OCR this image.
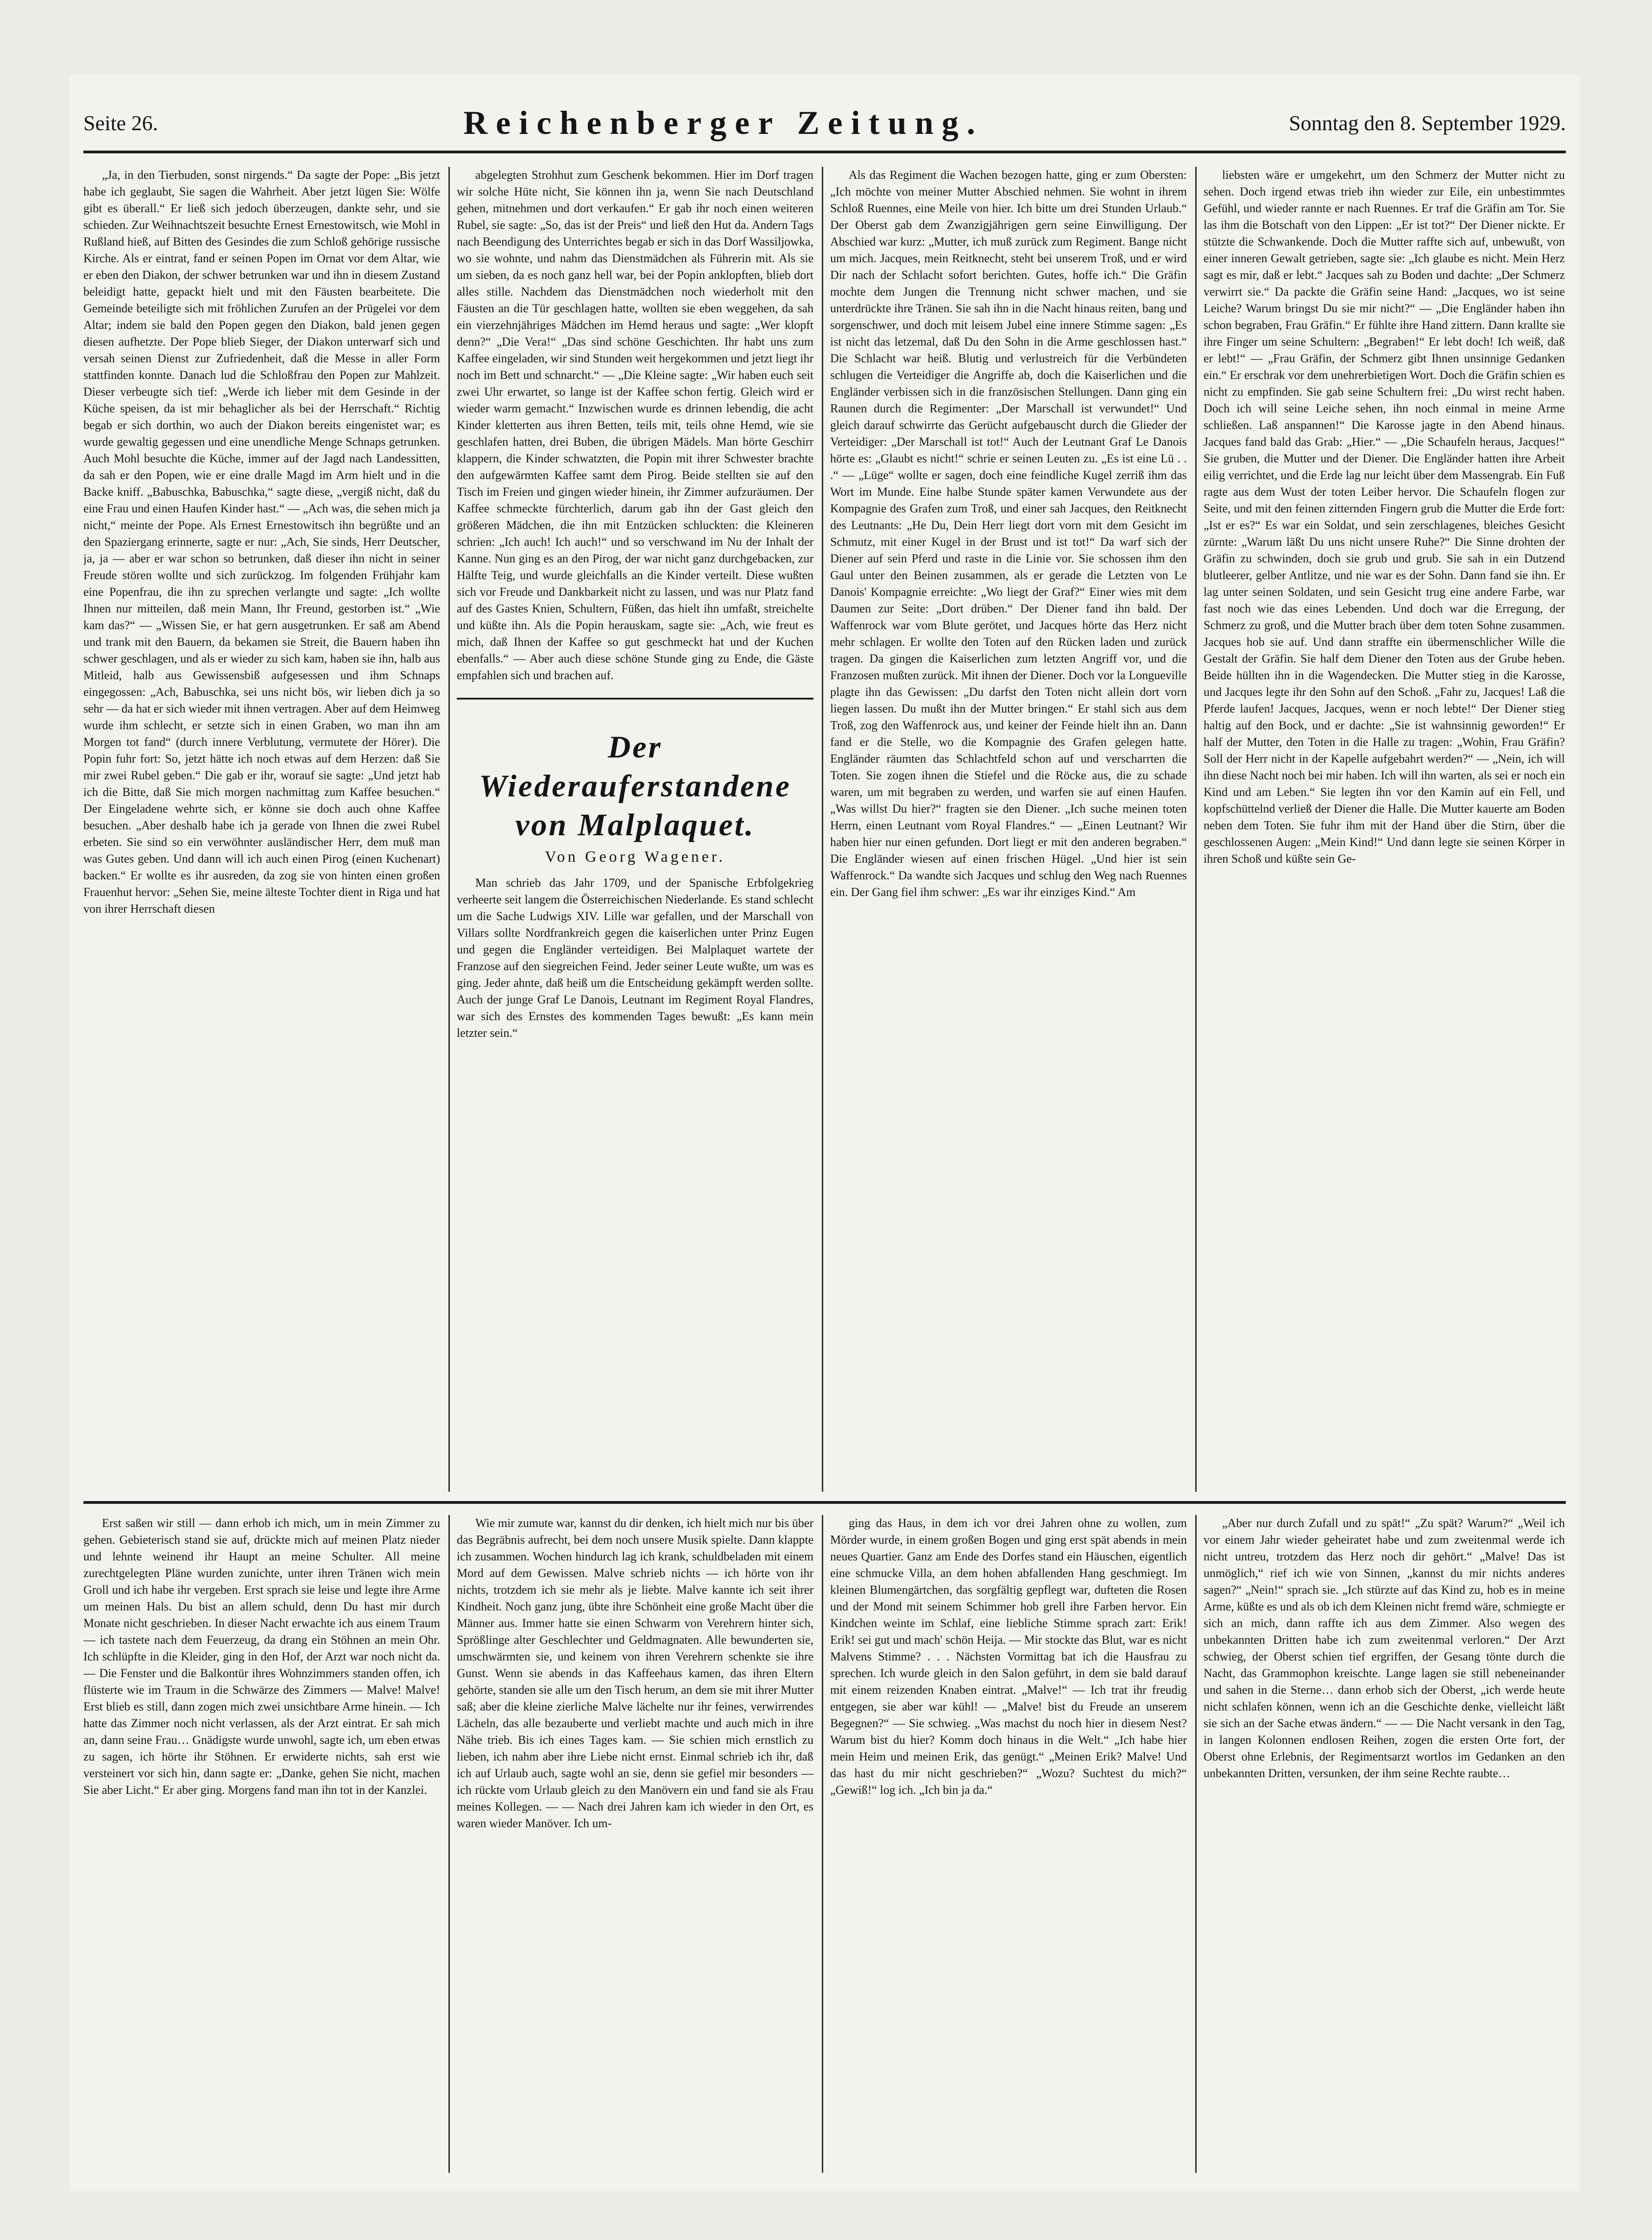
Seite 26.	Reichenberger Zeitung.	Sonntag den 8. September 1929.

„Ja, in den Tierbuden, sonst nirgends.“ Da sagte der Pope: „Bis jetzt habe ich geglaubt, Sie sagen die Wahrheit. Aber jetzt lügen Sie: Wölfe gibt es überall.“ Er ließ sich jedoch überzeugen, dankte sehr, und sie schieden. Zur Weihnachtszeit besuchte Ernest Ernestowitsch, wie Mohl in Rußland hieß, auf Bitten des Gesindes die zum Schloß gehörige russische Kirche. Als er eintrat, fand er seinen Popen im Ornat vor dem Altar, wie er eben den Diakon, der schwer betrunken war und ihn in diesem Zustand beleidigt hatte, gepackt hielt und mit den Fäusten bearbeitete. Die Gemeinde beteiligte sich mit fröhlichen Zurufen an der Prügelei vor dem Altar; indem sie bald den Popen gegen den Diakon, bald jenen gegen diesen aufhetzte. Der Pope blieb Sieger, der Diakon unterwarf sich und versah seinen Dienst zur Zufriedenheit, daß die Messe in aller Form stattfinden konnte. Danach lud die Schloßfrau den Popen zur Mahlzeit. Dieser verbeugte sich tief: „Werde ich lieber mit dem Gesinde in der Küche speisen, da ist mir behaglicher als bei der Herrschaft.“ Richtig begab er sich dorthin, wo auch der Diakon bereits eingenistet war; es wurde gewaltig gegessen und eine unendliche Menge Schnaps getrunken. Auch Mohl besuchte die Küche, immer auf der Jagd nach Landessitten, da sah er den Popen, wie er eine dralle Magd im Arm hielt und in die Backe kniff. „Babuschka, Babuschka,“ sagte diese, „vergiß nicht, daß du eine Frau und einen Haufen Kinder hast.“ — „Ach was, die sehen mich ja nicht,“ meinte der Pope. Als Ernest Ernestowitsch ihn begrüßte und an den Spaziergang erinnerte, sagte er nur: „Ach, Sie sinds, Herr Deutscher, ja, ja — aber er war schon so betrunken, daß dieser ihn nicht in seiner Freude stören wollte und sich zurückzog. Im folgenden Frühjahr kam eine Popenfrau, die ihn zu sprechen verlangte und sagte: „Ich wollte Ihnen nur mitteilen, daß mein Mann, Ihr Freund, gestorben ist.“ „Wie kam das?“ — „Wissen Sie, er hat gern ausgetrunken. Er saß am Abend und trank mit den Bauern, da bekamen sie Streit, die Bauern haben ihn schwer geschlagen, und als er wieder zu sich kam, haben sie ihn, halb aus Mitleid, halb aus Gewissensbiß aufgesessen und ihm Schnaps eingegossen: „Ach, Babuschka, sei uns nicht bös, wir lieben dich ja so sehr — da hat er sich wieder mit ihnen vertragen. Aber auf dem Heimweg wurde ihm schlecht, er setzte sich in einen Graben, wo man ihn am Morgen tot fand“ (durch innere Verblutung, vermutete der Hörer). Die Popin fuhr fort: So, jetzt hätte ich noch etwas auf dem Herzen: daß Sie mir zwei Rubel geben.“ Die gab er ihr, worauf sie sagte: „Und jetzt hab ich die Bitte, daß Sie mich morgen nachmittag zum Kaffee besuchen.“ Der Eingeladene wehrte sich, er könne sie doch auch ohne Kaffee besuchen. „Aber deshalb habe ich ja gerade von Ihnen die zwei Rubel erbeten. Sie sind so ein verwöhnter ausländischer Herr, dem muß man was Gutes geben. Und dann will ich auch einen Pirog (einen Kuchenart) backen.“ Er wollte es ihr ausreden, da zog sie von hinten einen großen Frauenhut hervor: „Sehen Sie, meine älteste Tochter dient in Riga und hat von ihrer Herrschaft diesen

abgelegten Strohhut zum Geschenk bekommen. Hier im Dorf tragen wir solche Hüte nicht, Sie können ihn ja, wenn Sie nach Deutschland gehen, mitnehmen und dort verkaufen.“ Er gab ihr noch einen weiteren Rubel, sie sagte: „So, das ist der Preis“ und ließ den Hut da. Andern Tags nach Beendigung des Unterrichtes begab er sich in das Dorf Wassiljowka, wo sie wohnte, und nahm das Dienstmädchen als Führerin mit. Als sie um sieben, da es noch ganz hell war, bei der Popin anklopften, blieb dort alles stille. Nachdem das Dienstmädchen noch wiederholt mit den Fäusten an die Tür geschlagen hatte, wollten sie eben weggehen, da sah ein vierzehnjähriges Mädchen im Hemd heraus und sagte: „Wer klopft denn?“ „Die Vera!“ „Das sind schöne Geschichten. Ihr habt uns zum Kaffee eingeladen, wir sind Stunden weit hergekommen und jetzt liegt ihr noch im Bett und schnarcht.“ — „Die Kleine sagte: „Wir haben euch seit zwei Uhr erwartet, so lange ist der Kaffee schon fertig. Gleich wird er wieder warm gemacht.“ Inzwischen wurde es drinnen lebendig, die acht Kinder kletterten aus ihren Betten, teils mit, teils ohne Hemd, wie sie geschlafen hatten, drei Buben, die übrigen Mädels. Man hörte Geschirr klappern, die Kinder schwatzten, die Popin mit ihrer Schwester brachte den aufgewärmten Kaffee samt dem Pirog. Beide stellten sie auf den Tisch im Freien und gingen wieder hinein, ihr Zimmer aufzuräumen. Der Kaffee schmeckte fürchterlich, darum gab ihn der Gast gleich den größeren Mädchen, die ihn mit Entzücken schluckten: die Kleineren schrien: „Ich auch! Ich auch!“ und so verschwand im Nu der Inhalt der Kanne. Nun ging es an den Pirog, der war nicht ganz durchgebacken, zur Hälfte Teig, und wurde gleichfalls an die Kinder verteilt. Diese wußten sich vor Freude und Dankbarkeit nicht zu lassen, und was nur Platz fand auf des Gastes Knien, Schultern, Füßen, das hielt ihn umfaßt, streichelte und küßte ihn. Als die Popin herauskam, sagte sie: „Ach, wie freut es mich, daß Ihnen der Kaffee so gut geschmeckt hat und der Kuchen ebenfalls.“ — Aber auch diese schöne Stunde ging zu Ende, die Gäste empfahlen sich und brachen auf.

Der Wiederauferstandene
von Malplaquet.
Von Georg Wagener.

Man schrieb das Jahr 1709, und der Spanische Erbfolgekrieg verheerte seit langem die Österreichischen Niederlande. Es stand schlecht um die Sache Ludwigs XIV. Lille war gefallen, und der Marschall von Villars sollte Nordfrankreich gegen die kaiserlichen unter Prinz Eugen und gegen die Engländer verteidigen. Bei Malplaquet wartete der Franzose auf den siegreichen Feind. Jeder seiner Leute wußte, um was es ging. Jeder ahnte, daß heiß um die Entscheidung gekämpft werden sollte. Auch der junge Graf Le Danois, Leutnant im Regiment Royal Flandres, war sich des Ernstes des kommenden Tages bewußt: „Es kann mein letzter sein.“

Als das Regiment die Wachen bezogen hatte, ging er zum Obersten: „Ich möchte von meiner Mutter Abschied nehmen. Sie wohnt in ihrem Schloß Ruennes, eine Meile von hier. Ich bitte um drei Stunden Urlaub.“ Der Oberst gab dem Zwanzigjährigen gern seine Einwilligung. Der Abschied war kurz: „Mutter, ich muß zurück zum Regiment. Bange nicht um mich. Jacques, mein Reitknecht, steht bei unserem Troß, und er wird Dir nach der Schlacht sofort berichten. Gutes, hoffe ich.“ Die Gräfin mochte dem Jungen die Trennung nicht schwer machen, und sie unterdrückte ihre Tränen. Sie sah ihn in die Nacht hinaus reiten, bang und sorgenschwer, und doch mit leisem Jubel eine innere Stimme sagen: „Es ist nicht das letzemal, daß Du den Sohn in die Arme geschlossen hast.“ Die Schlacht war heiß. Blutig und verlustreich für die Verbündeten schlugen die Verteidiger die Angriffe ab, doch die Kaiserlichen und die Engländer verbissen sich in die französischen Stellungen. Dann ging ein Raunen durch die Regimenter: „Der Marschall ist verwundet!“ Und gleich darauf schwirrte das Gerücht aufgebauscht durch die Glieder der Verteidiger: „Der Marschall ist tot!“ Auch der Leutnant Graf Le Danois hörte es: „Glaubt es nicht!“ schrie er seinen Leuten zu. „Es ist eine Lü . . .“ — „Lüge“ wollte er sagen, doch eine feindliche Kugel zerriß ihm das Wort im Munde. Eine halbe Stunde später kamen Verwundete aus der Kompagnie des Grafen zum Troß, und einer sah Jacques, den Reitknecht des Leutnants: „He Du, Dein Herr liegt dort vorn mit dem Gesicht im Schmutz, mit einer Kugel in der Brust und ist tot!“ Da warf sich der Diener auf sein Pferd und raste in die Linie vor. Sie schossen ihm den Gaul unter den Beinen zusammen, als er gerade die Letzten von Le Danois' Kompagnie erreichte: „Wo liegt der Graf?“ Einer wies mit dem Daumen zur Seite: „Dort drüben.“ Der Diener fand ihn bald. Der Waffenrock war vom Blute gerötet, und Jacques hörte das Herz nicht mehr schlagen. Er wollte den Toten auf den Rücken laden und zurück tragen. Da gingen die Kaiserlichen zum letzten Angriff vor, und die Franzosen mußten zurück. Mit ihnen der Diener. Doch vor la Longueville plagte ihn das Gewissen: „Du darfst den Toten nicht allein dort vorn liegen lassen. Du mußt ihn der Mutter bringen.“ Er stahl sich aus dem Troß, zog den Waffenrock aus, und keiner der Feinde hielt ihn an. Dann fand er die Stelle, wo die Kompagnie des Grafen gelegen hatte. Engländer räumten das Schlachtfeld schon auf und verscharrten die Toten. Sie zogen ihnen die Stiefel und die Röcke aus, die zu schade waren, um mit begraben zu werden, und warfen sie auf einen Haufen. „Was willst Du hier?“ fragten sie den Diener. „Ich suche meinen toten Herrn, einen Leutnant vom Royal Flandres.“ — „Einen Leutnant? Wir haben hier nur einen gefunden. Dort liegt er mit den anderen begraben.“ Die Engländer wiesen auf einen frischen Hügel. „Und hier ist sein Waffenrock.“ Da wandte sich Jacques und schlug den Weg nach Ruennes ein. Der Gang fiel ihm schwer: „Es war ihr einziges Kind.“ Am

liebsten wäre er umgekehrt, um den Schmerz der Mutter nicht zu sehen. Doch irgend etwas trieb ihn wieder zur Eile, ein unbestimmtes Gefühl, und wieder rannte er nach Ruennes. Er traf die Gräfin am Tor. Sie las ihm die Botschaft von den Lippen: „Er ist tot?“ Der Diener nickte. Er stützte die Schwankende. Doch die Mutter raffte sich auf, unbewußt, von einer inneren Gewalt getrieben, sagte sie: „Ich glaube es nicht. Mein Herz sagt es mir, daß er lebt.“ Jacques sah zu Boden und dachte: „Der Schmerz verwirrt sie.“ Da packte die Gräfin seine Hand: „Jacques, wo ist seine Leiche? Warum bringst Du sie mir nicht?“ — „Die Engländer haben ihn schon begraben, Frau Gräfin.“ Er fühlte ihre Hand zittern. Dann krallte sie ihre Finger um seine Schultern: „Begraben!“ Er lebt doch! Ich weiß, daß er lebt!“ — „Frau Gräfin, der Schmerz gibt Ihnen unsinnige Gedanken ein.“ Er erschrak vor dem unehrerbietigen Wort. Doch die Gräfin schien es nicht zu empfinden. Sie gab seine Schultern frei: „Du wirst recht haben. Doch ich will seine Leiche sehen, ihn noch einmal in meine Arme schließen. Laß anspannen!“ Die Karosse jagte in den Abend hinaus. Jacques fand bald das Grab: „Hier.“ — „Die Schaufeln heraus, Jacques!“ Sie gruben, die Mutter und der Diener. Die Engländer hatten ihre Arbeit eilig verrichtet, und die Erde lag nur leicht über dem Massengrab. Ein Fuß ragte aus dem Wust der toten Leiber hervor. Die Schaufeln flogen zur Seite, und mit den feinen zitternden Fingern grub die Mutter die Erde fort: „Ist er es?“ Es war ein Soldat, und sein zerschlagenes, bleiches Gesicht zürnte: „Warum läßt Du uns nicht unsere Ruhe?“ Die Sinne drohten der Gräfin zu schwinden, doch sie grub und grub. Sie sah in ein Dutzend blutleerer, gelber Antlitze, und nie war es der Sohn. Dann fand sie ihn. Er lag unter seinen Soldaten, und sein Gesicht trug eine andere Farbe, war fast noch wie das eines Lebenden. Und doch war die Erregung, der Schmerz zu groß, und die Mutter brach über dem toten Sohne zusammen. Jacques hob sie auf. Und dann straffte ein übermenschlicher Wille die Gestalt der Gräfin. Sie half dem Diener den Toten aus der Grube heben. Beide hüllten ihn in die Wagendecken. Die Mutter stieg in die Karosse, und Jacques legte ihr den Sohn auf den Schoß. „Fahr zu, Jacques! Laß die Pferde laufen! Jacques, Jacques, wenn er noch lebte!“ Der Diener stieg haltig auf den Bock, und er dachte: „Sie ist wahnsinnig geworden!“ Er half der Mutter, den Toten in die Halle zu tragen: „Wohin, Frau Gräfin? Soll der Herr nicht in der Kapelle aufgebahrt werden?“ — „Nein, ich will ihn diese Nacht noch bei mir haben. Ich will ihn warten, als sei er noch ein Kind und am Leben.“ Sie legten ihn vor den Kamin auf ein Fell, und kopfschüttelnd verließ der Diener die Halle. Die Mutter kauerte am Boden neben dem Toten. Sie fuhr ihm mit der Hand über die Stirn, über die geschlossenen Augen: „Mein Kind!“ Und dann legte sie seinen Körper in ihren Schoß und küßte sein Ge-

Erst saßen wir still — dann erhob ich mich, um in mein Zimmer zu gehen. Gebieterisch stand sie auf, drückte mich auf meinen Platz nieder und lehnte weinend ihr Haupt an meine Schulter. All meine zurechtgelegten Pläne wurden zunichte, unter ihren Tränen wich mein Groll und ich habe ihr vergeben. Erst sprach sie leise und legte ihre Arme um meinen Hals. Du bist an allem schuld, denn Du hast mir durch Monate nicht geschrieben. In dieser Nacht erwachte ich aus einem Traum — ich tastete nach dem Feuerzeug, da drang ein Stöhnen an mein Ohr. Ich schlüpfte in die Kleider, ging in den Hof, der Arzt war noch nicht da. — Die Fenster und die Balkontür ihres Wohnzimmers standen offen, ich flüsterte wie im Traum in die Schwärze des Zimmers — Malve! Malve! Erst blieb es still, dann zogen mich zwei unsichtbare Arme hinein. — Ich hatte das Zimmer noch nicht verlassen, als der Arzt eintrat. Er sah mich an, dann seine Frau… Gnädigste wurde unwohl, sagte ich, um eben etwas zu sagen, ich hörte ihr Stöhnen. Er erwiderte nichts, sah erst wie versteinert vor sich hin, dann sagte er: „Danke, gehen Sie nicht, machen Sie aber Licht.“ Er aber ging. Morgens fand man ihn tot in der Kanzlei.

Wie mir zumute war, kannst du dir denken, ich hielt mich nur bis über das Begräbnis aufrecht, bei dem noch unsere Musik spielte. Dann klappte ich zusammen. Wochen hindurch lag ich krank, schuldbeladen mit einem Mord auf dem Gewissen. Malve schrieb nichts — ich hörte von ihr nichts, trotzdem ich sie mehr als je liebte. Malve kannte ich seit ihrer Kindheit. Noch ganz jung, übte ihre Schönheit eine große Macht über die Männer aus. Immer hatte sie einen Schwarm von Verehrern hinter sich, Sprößlinge alter Geschlechter und Geldmagnaten. Alle bewunderten sie, umschwärmten sie, und keinem von ihren Verehrern schenkte sie ihre Gunst. Wenn sie abends in das Kaffeehaus kamen, das ihren Eltern gehörte, standen sie alle um den Tisch herum, an dem sie mit ihrer Mutter saß; aber die kleine zierliche Malve lächelte nur ihr feines, verwirrendes Lächeln, das alle bezauberte und verliebt machte und auch mich in ihre Nähe trieb. Bis ich eines Tages kam. — Sie schien mich ernstlich zu lieben, ich nahm aber ihre Liebe nicht ernst. Einmal schrieb ich ihr, daß ich auf Urlaub auch, sagte wohl an sie, denn sie gefiel mir besonders — ich rückte vom Urlaub gleich zu den Manövern ein und fand sie als Frau meines Kollegen. — — Nach drei Jahren kam ich wieder in den Ort, es waren wieder Manöver. Ich um-

ging das Haus, in dem ich vor drei Jahren ohne zu wollen, zum Mörder wurde, in einem großen Bogen und ging erst spät abends in mein neues Quartier. Ganz am Ende des Dorfes stand ein Häuschen, eigentlich eine schmucke Villa, an dem hohen abfallenden Hang geschmiegt. Im kleinen Blumengärtchen, das sorgfältig gepflegt war, dufteten die Rosen und der Mond mit seinem Schimmer hob grell ihre Farben hervor. Ein Kindchen weinte im Schlaf, eine liebliche Stimme sprach zart: Erik! Erik! sei gut und mach' schön Heija. — Mir stockte das Blut, war es nicht Malvens Stimme? . . . Nächsten Vormittag bat ich die Hausfrau zu sprechen. Ich wurde gleich in den Salon geführt, in dem sie bald darauf mit einem reizenden Knaben eintrat. „Malve!“ — Ich trat ihr freudig entgegen, sie aber war kühl! — „Malve! bist du Freude an unserem Begegnen?“ — Sie schwieg. „Was machst du noch hier in diesem Nest? Warum bist du hier? Komm doch hinaus in die Welt.“ „Ich habe hier mein Heim und meinen Erik, das genügt.“ „Meinen Erik? Malve! Und das hast du mir nicht geschrieben?“ „Wozu? Suchtest du mich?“ „Gewiß!“ log ich. „Ich bin ja da.“

„Aber nur durch Zufall und zu spät!“ „Zu spät? Warum?“ „Weil ich vor einem Jahr wieder geheiratet habe und zum zweitenmal werde ich nicht untreu, trotzdem das Herz noch dir gehört.“ „Malve! Das ist unmöglich,“ rief ich wie von Sinnen, „kannst du mir nichts anderes sagen?“ „Nein!“ sprach sie. „Ich stürzte auf das Kind zu, hob es in meine Arme, küßte es und als ob ich dem Kleinen nicht fremd wäre, schmiegte er sich an mich, dann raffte ich aus dem Zimmer. Also wegen des unbekannten Dritten habe ich zum zweitenmal verloren.“ Der Arzt schwieg, der Oberst schien tief ergriffen, der Gesang tönte durch die Nacht, das Grammophon kreischte. Lange lagen sie still nebeneinander und sahen in die Sterne… dann erhob sich der Oberst, „ich werde heute nicht schlafen können, wenn ich an die Geschichte denke, vielleicht läßt sie sich an der Sache etwas ändern.“ — — Die Nacht versank in den Tag, in langen Kolonnen endlosen Reihen, zogen die ersten Orte fort, der Oberst ohne Erlebnis, der Regimentsarzt wortlos im Gedanken an den unbekannten Dritten, versunken, der ihm seine Rechte raubte…
